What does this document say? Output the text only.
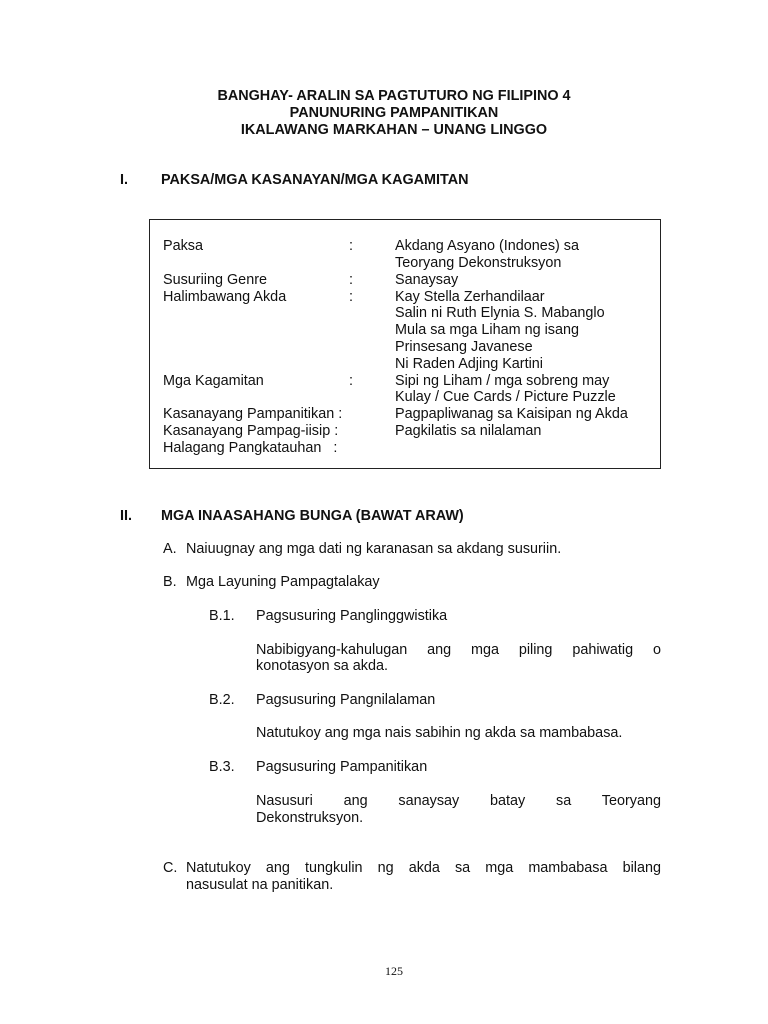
BANGHAY- ARALIN SA PAGTUTURO NG FILIPINO 4
PANUNURING PAMPANITIKAN
IKALAWANG MARKAHAN – UNANG LINGGO
I. PAKSA/MGA KASANAYAN/MGA KAGAMITAN
Paksa	:	Akdang Asyano (Indones) sa
Teoryang Dekonstruksyon
Susuriing Genre	:	Sanaysay
Halimbawang Akda	:	Kay Stella Zerhandilaar
Salin ni Ruth Elynia S. Mabanglo
Mula sa mga Liham ng isang
Prinsesang Javanese
Ni Raden Adjing Kartini
Mga Kagamitan	:	Sipi ng Liham / mga sobreng may
Kulay / Cue Cards / Picture Puzzle
Kasanayang Pampanitikan :	Pagpapliwanag sa Kaisipan ng Akda
Kasanayang Pampag-iisip :	Pagkilatis sa nilalaman
Halagang Pangkatauhan   :
II. MGA INAASAHANG BUNGA (BAWAT ARAW)
A. Naiuugnay ang mga dati ng karanasan sa akdang susuriin.
B. Mga Layuning Pampagtalakay
B.1. Pagsusuring Panglinggwistika
Nabibigyang-kahulugan ang mga piling pahiwatig o
konotasyon sa akda.
B.2. Pagsusuring Pangnilalaman
Natutukoy ang mga nais sabihin ng akda sa mambabasa.
B.3. Pagsusuring Pampanitikan
Nasusuri ang sanaysay batay sa Teoryang
Dekonstruksyon.
C. Natutukoy ang tungkulin ng akda sa mga mambabasa bilang
nasusulat na panitikan.
125
